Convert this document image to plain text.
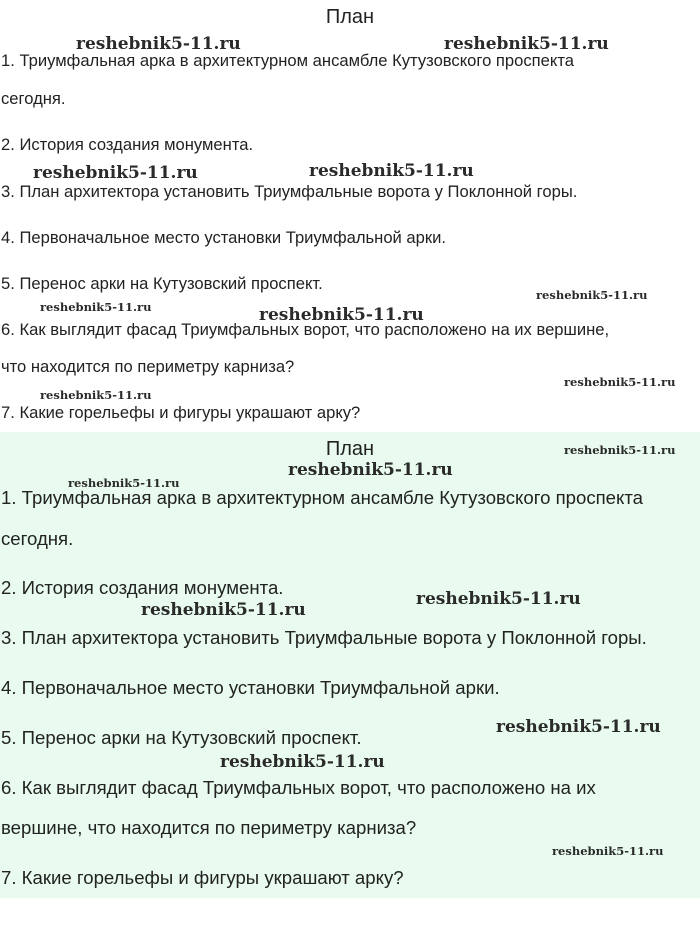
План
1. Триумфальная арка в архитектурном ансамбле Кутузовского проспекта
сегодня.
2. История создания монумента.
3. План архитектора установить Триумфальные ворота у Поклонной горы.
4. Первоначальное место установки Триумфальной арки.
5. Перенос арки на Кутузовский проспект.
6. Как выглядит фасад Триумфальных ворот, что расположено на их вершине,
что находится по периметру карниза?
7. Какие горельефы и фигуры украшают арку?
План
1. Триумфальная арка в архитектурном ансамбле Кутузовского проспекта
сегодня.
2. История создания монумента.
3. План архитектора установить Триумфальные ворота у Поклонной горы.
4. Первоначальное место установки Триумфальной арки.
5. Перенос арки на Кутузовский проспект.
6. Как выглядит фасад Триумфальных ворот, что расположено на их
вершине, что находится по периметру карниза?
7. Какие горельефы и фигуры украшают арку?
reshebnik5-11.ru	reshebnik5-11.ru
reshebnik5-11.ru	reshebnik5-11.ru
reshebnik5-11.ru	reshebnik5-11.ru
reshebnik5-11.ru
reshebnik5-11.ru
reshebnik5-11.ru
reshebnik5-11.ru
reshebnik5-11.ru
reshebnik5-11.ru
reshebnik5-11.ru
reshebnik5-11.ru
reshebnik5-11.ru
reshebnik5-11.ru
reshebnik5-11.ru
